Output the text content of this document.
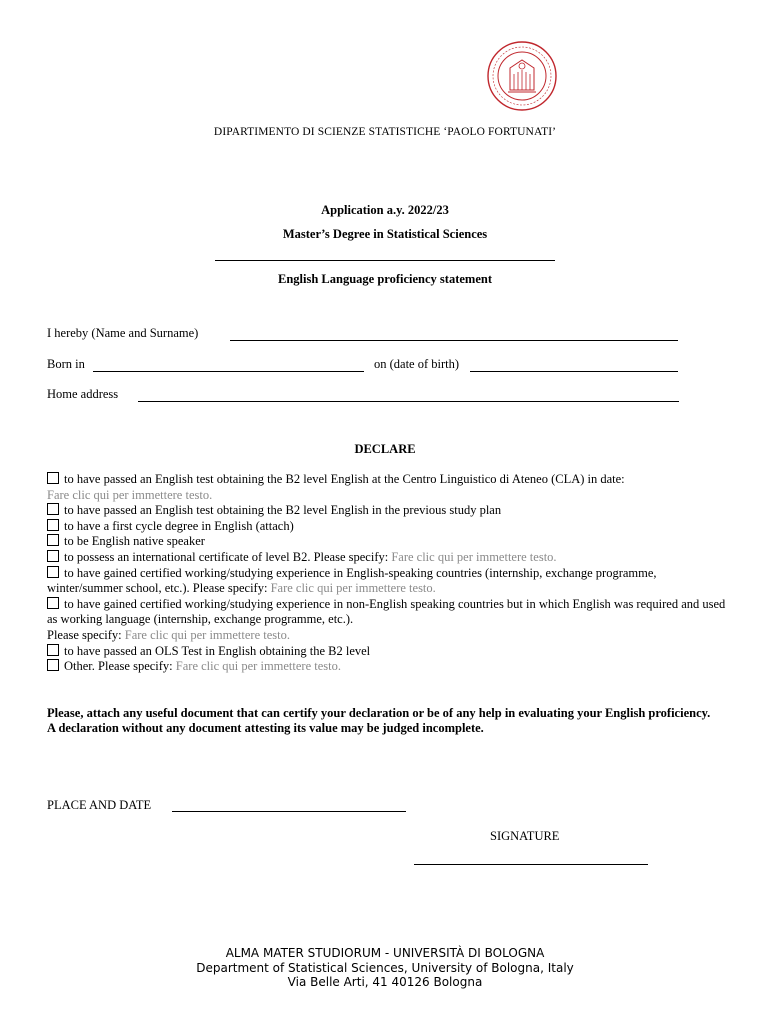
DIPARTIMENTO DI SCIENZE STATISTICHE ‘PAOLO FORTUNATI’
Application a.y. 2022/23
Master’s Degree in Statistical Sciences
English Language proficiency statement
I hereby (Name and Surname)
Born in	on (date of birth)
Home address
DECLARE
to have passed an English test obtaining the B2 level English at the Centro Linguistico di Ateneo (CLA) in date:
Fare clic qui per immettere testo.
to have passed an English test obtaining the B2 level English in the previous study plan
to have a first cycle degree in English (attach)
to be English native speaker
to possess an international certificate of level B2. Please specify: Fare clic qui per immettere testo.
to have gained certified working/studying experience in English-speaking countries (internship, exchange programme, winter/summer school, etc.). Please specify: Fare clic qui per immettere testo.
to have gained certified working/studying experience in non-English speaking countries but in which English was required and used as working language (internship, exchange programme, etc.).
Please specify: Fare clic qui per immettere testo.
to have passed an OLS Test in English obtaining the B2 level
Other. Please specify: Fare clic qui per immettere testo.
Please, attach any useful document that can certify your declaration or be of any help in evaluating your English proficiency.
A declaration without any document attesting its value may be judged incomplete.
PLACE AND DATE
SIGNATURE
ALMA MATER STUDIORUM - UNIVERSITÀ DI BOLOGNA
Department of Statistical Sciences, University of Bologna, Italy
Via Belle Arti, 41 40126 Bologna
